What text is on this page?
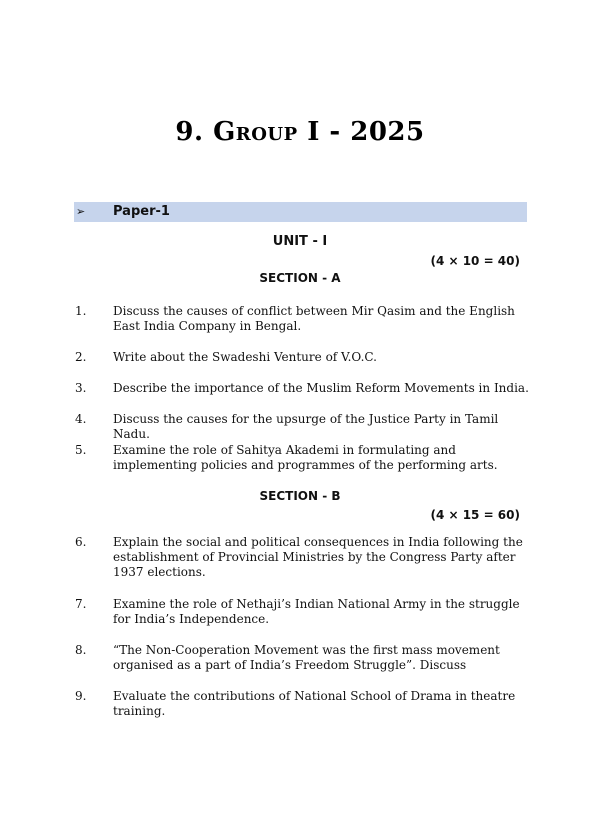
9. Group I - 2025
➢ Paper-1
UNIT - I
(4 × 10 = 40)
SECTION - A
1. Discuss the causes of conflict between Mir Qasim and the English East India Company in Bengal.
2. Write about the Swadeshi Venture of V.O.C.
3. Describe the importance of the Muslim Reform Movements in India.
4. Discuss the causes for the upsurge of the Justice Party in Tamil Nadu.
5. Examine the role of Sahitya Akademi in formulating and implementing policies and programmes of the performing arts.
SECTION - B
(4 × 15 = 60)
6. Explain the social and political consequences in India following the establishment of Provincial Ministries by the Congress Party after 1937 elections.
7. Examine the role of Nethaji’s Indian National Army in the struggle for India’s Independence.
8. “The Non-Cooperation Movement was the first mass movement organised as a part of India’s Freedom Struggle”. Discuss
9. Evaluate the contributions of National School of Drama in theatre training.
